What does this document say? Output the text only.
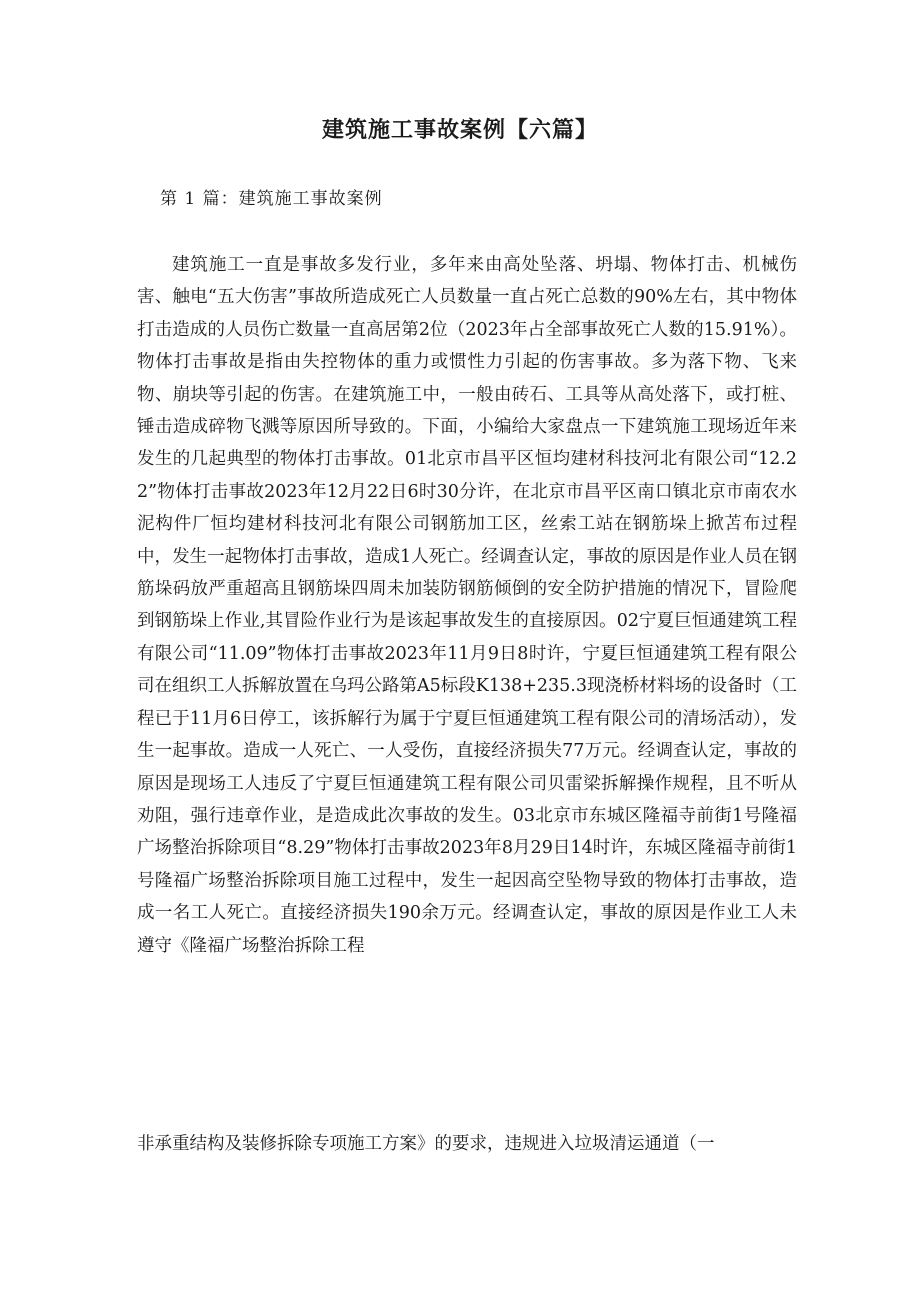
建筑施工事故案例【六篇】

第 1 篇：建筑施工事故案例

建筑施工一直是事故多发行业，多年来由高处坠落、坍塌、物体打击、机械伤害、触电“五大伤害”事故所造成死亡人员数量一直占死亡总数的90%左右，其中物体打击造成的人员伤亡数量一直高居第2位（2023年占全部事故死亡人数的15.91%）。物体打击事故是指由失控物体的重力或惯性力引起的伤害事故。多为落下物、飞来物、崩块等引起的伤害。在建筑施工中，一般由砖石、工具等从高处落下，或打桩、锤击造成碎物飞溅等原因所导致的。下面，小编给大家盘点一下建筑施工现场近年来发生的几起典型的物体打击事故。01北京市昌平区恒均建材科技河北有限公司“12.22”物体打击事故2023年12月22日6时30分许，在北京市昌平区南口镇北京市南农水泥构件厂恒均建材科技河北有限公司钢筋加工区，丝索工站在钢筋垛上掀苫布过程中，发生一起物体打击事故，造成1人死亡。经调查认定，事故的原因是作业人员在钢筋垛码放严重超高且钢筋垛四周未加装防钢筋倾倒的安全防护措施的情况下，冒险爬到钢筋垛上作业,其冒险作业行为是该起事故发生的直接原因。02宁夏巨恒通建筑工程有限公司“11.09”物体打击事故2023年11月9日8时许，宁夏巨恒通建筑工程有限公司在组织工人拆解放置在乌玛公路第A5标段K138+235.3现浇桥材料场的设备时（工程已于11月6日停工，该拆解行为属于宁夏巨恒通建筑工程有限公司的清场活动），发生一起事故。造成一人死亡、一人受伤，直接经济损失77万元。经调查认定，事故的原因是现场工人违反了宁夏巨恒通建筑工程有限公司贝雷梁拆解操作规程，且不听从劝阻，强行违章作业，是造成此次事故的发生。03北京市东城区隆福寺前街1号隆福广场整治拆除项目“8.29”物体打击事故2023年8月29日14时许，东城区隆福寺前街1号隆福广场整治拆除项目施工过程中，发生一起因高空坠物导致的物体打击事故，造成一名工人死亡。直接经济损失190余万元。经调查认定，事故的原因是作业工人未遵守《隆福广场整治拆除工程

非承重结构及装修拆除专项施工方案》的要求，违规进入垃圾清运通道（一
